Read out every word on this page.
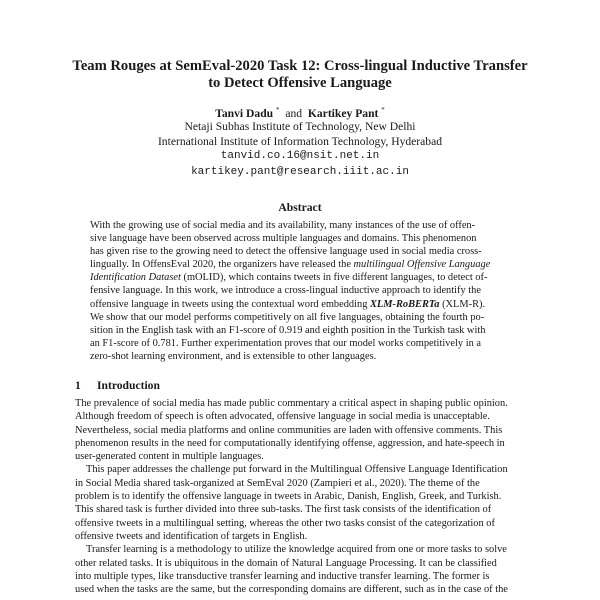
Team Rouges at SemEval-2020 Task 12: Cross-lingual Inductive Transfer
to Detect Offensive Language
Tanvi Dadu * and Kartikey Pant *
Netaji Subhas Institute of Technology, New Delhi
International Institute of Information Technology, Hyderabad
tanvid.co.16@nsit.net.in
kartikey.pant@research.iiit.ac.in
Abstract
With the growing use of social media and its availability, many instances of the use of offen-
sive language have been observed across multiple languages and domains. This phenomenon
has given rise to the growing need to detect the offensive language used in social media cross-
lingually. In OffensEval 2020, the organizers have released the multilingual Offensive Language
Identification Dataset (mOLID), which contains tweets in five different languages, to detect of-
fensive language. In this work, we introduce a cross-lingual inductive approach to identify the
offensive language in tweets using the contextual word embedding XLM-RoBERTa (XLM-R).
We show that our model performs competitively on all five languages, obtaining the fourth po-
sition in the English task with an F1-score of 0.919 and eighth position in the Turkish task with
an F1-score of 0.781. Further experimentation proves that our model works competitively in a
zero-shot learning environment, and is extensible to other languages.
1 Introduction
The prevalence of social media has made public commentary a critical aspect in shaping public opinion.
Although freedom of speech is often advocated, offensive language in social media is unacceptable.
Nevertheless, social media platforms and online communities are laden with offensive comments. This
phenomenon results in the need for computationally identifying offense, aggression, and hate-speech in
user-generated content in multiple languages.
This paper addresses the challenge put forward in the Multilingual Offensive Language Identification
in Social Media shared task-organized at SemEval 2020 (Zampieri et al., 2020). The theme of the
problem is to identify the offensive language in tweets in Arabic, Danish, English, Greek, and Turkish.
This shared task is further divided into three sub-tasks. The first task consists of the identification of
offensive tweets in a multilingual setting, whereas the other two tasks consist of the categorization of
offensive tweets and identification of targets in English.
Transfer learning is a methodology to utilize the knowledge acquired from one or more tasks to solve
other related tasks. It is ubiquitous in the domain of Natural Language Processing. It can be classified
into multiple types, like transductive transfer learning and inductive transfer learning. The former is
used when the tasks are the same, but the corresponding domains are different, such as in the case of the
